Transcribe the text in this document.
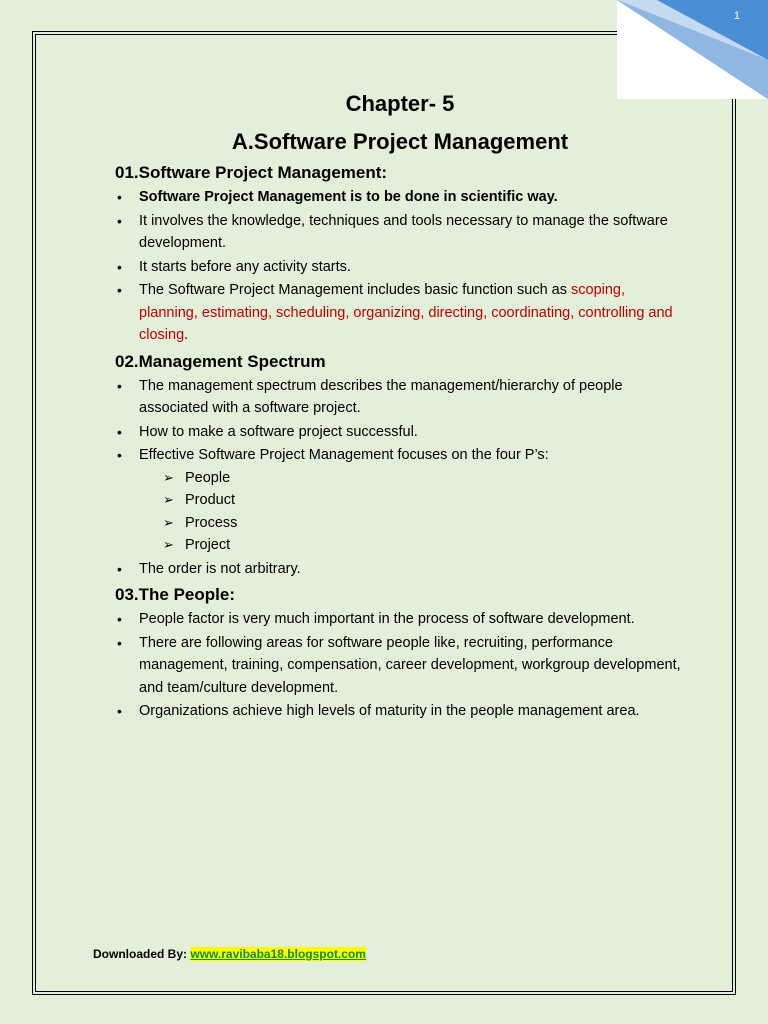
1
Chapter- 5
A.Software Project Management
01.Software Project Management:
• Software Project Management is to be done in scientific way.
• It involves the knowledge, techniques and tools necessary to manage the software development.
• It starts before any activity starts.
• The Software Project Management includes basic function such as scoping, planning, estimating, scheduling, organizing, directing, coordinating, controlling and closing.
02.Management Spectrum
• The management spectrum describes the management/hierarchy of people associated with a software project.
• How to make a software project successful.
• Effective Software Project Management focuses on the four P’s:
➢ People
➢ Product
➢ Process
➢ Project
• The order is not arbitrary.
03.The People:
• People factor is very much important in the process of software development.
• There are following areas for software people like, recruiting, performance management, training, compensation, career development, workgroup development, and team/culture development.
• Organizations achieve high levels of maturity in the people management area.
Downloaded By: www.ravibaba18.blogspot.com
